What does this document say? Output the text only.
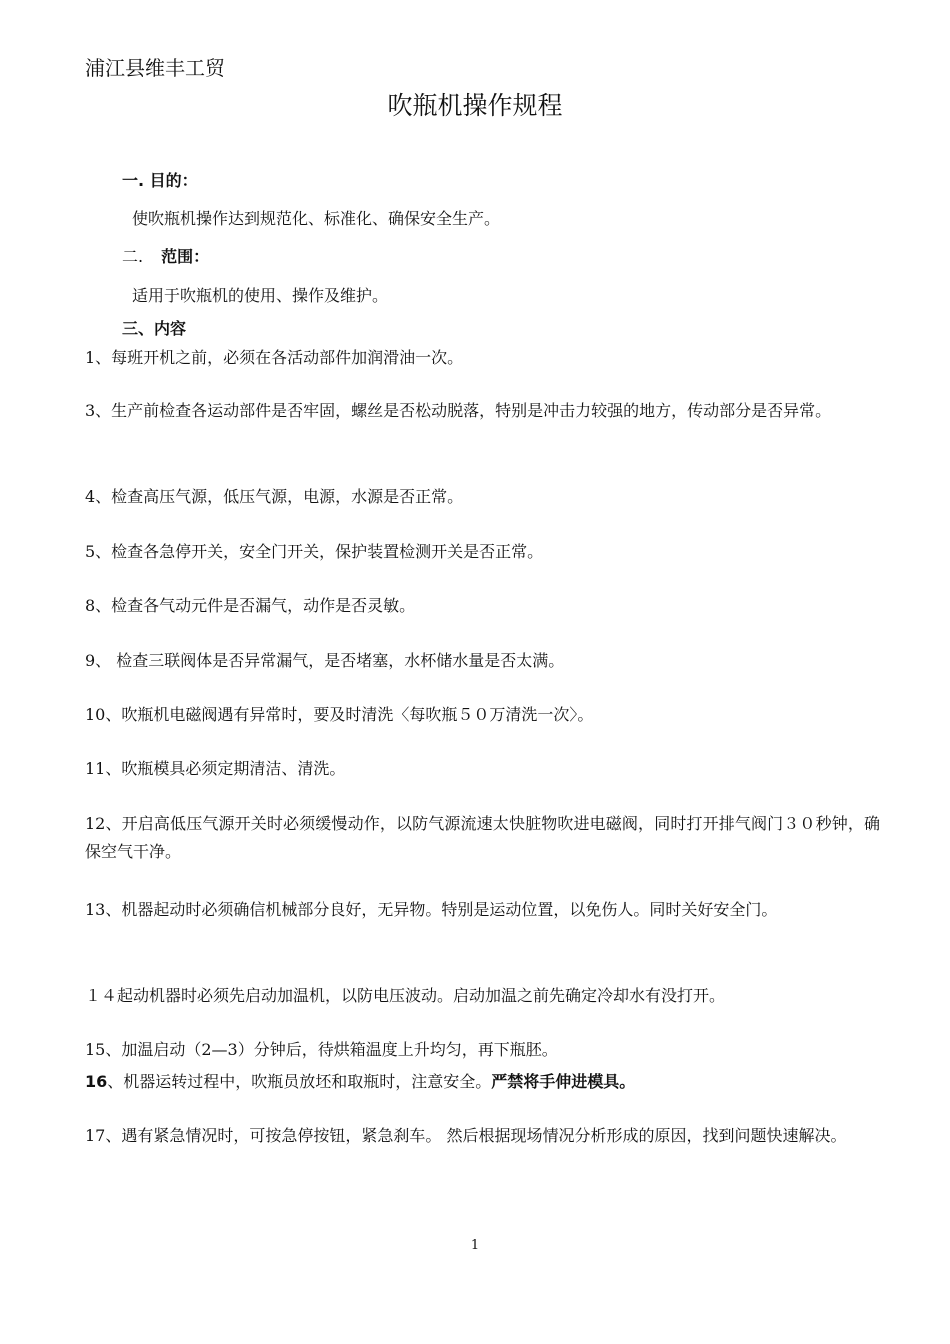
浦江县维丰工贸
吹瓶机操作规程
一. 目的：
使吹瓶机操作达到规范化、标准化、确保安全生产。
二. 范围：
适用于吹瓶机的使用、操作及维护。
三、内容
1、每班开机之前，必须在各活动部件加润滑油一次。
3、生产前检查各运动部件是否牢固，螺丝是否松动脱落，特别是冲击力较强的地方，传动部分是否异常。
4、检查高压气源，低压气源，电源，水源是否正常。
5、检查各急停开关，安全门开关，保护装置检测开关是否正常。
8、检查各气动元件是否漏气，动作是否灵敏。
9、 检查三联阀体是否异常漏气，是否堵塞，水杯储水量是否太满。
10、吹瓶机电磁阀遇有异常时，要及时清洗〈每吹瓶５０万清洗一次〉。
11、吹瓶模具必须定期清洁、清洗。
12、开启高低压气源开关时必须缓慢动作，以防气源流速太快脏物吹进电磁阀，同时打开排气阀门３０秒钟，确保空气干净。
13、机器起动时必须确信机械部分良好，无异物。特别是运动位置，以免伤人。同时关好安全门。
１４起动机器时必须先启动加温机，以防电压波动。启动加温之前先确定冷却水有没打开。
15、加温启动（2—3）分钟后，待烘箱温度上升均匀，再下瓶胚。
16、机器运转过程中，吹瓶员放坯和取瓶时，注意安全。严禁将手伸进模具。
17、遇有紧急情况时，可按急停按钮，紧急刹车。 然后根据现场情况分析形成的原因，找到问题快速解决。
1
